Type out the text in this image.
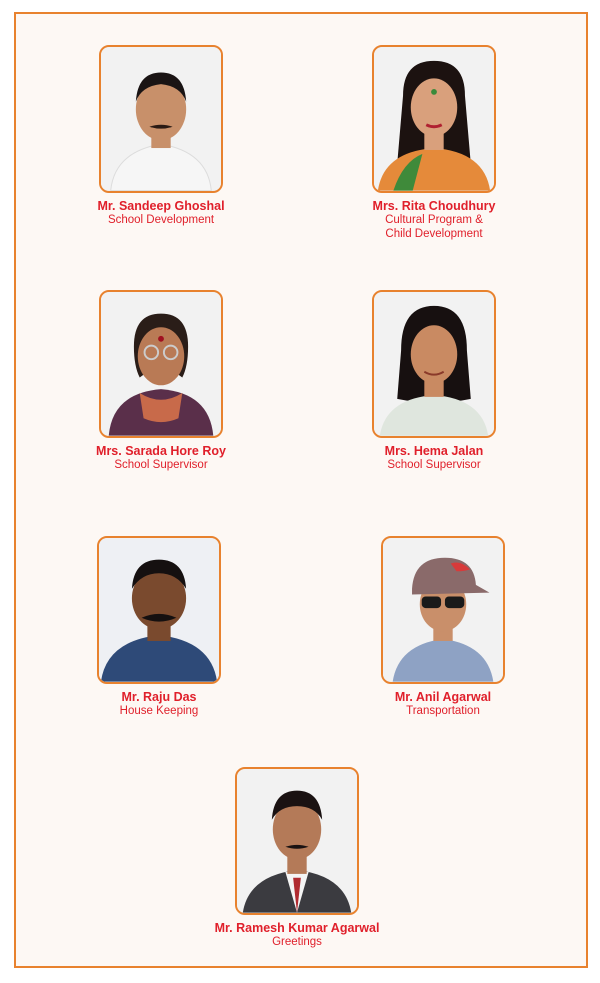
Mr. Sandeep Ghoshal
School Development
Mrs. Rita Choudhury
Cultural Program &
Child Development
Mrs. Sarada Hore Roy
School Supervisor
Mrs. Hema Jalan
School Supervisor
Mr. Raju Das
House Keeping
Mr. Anil Agarwal
Transportation
Mr. Ramesh Kumar Agarwal
Greetings
